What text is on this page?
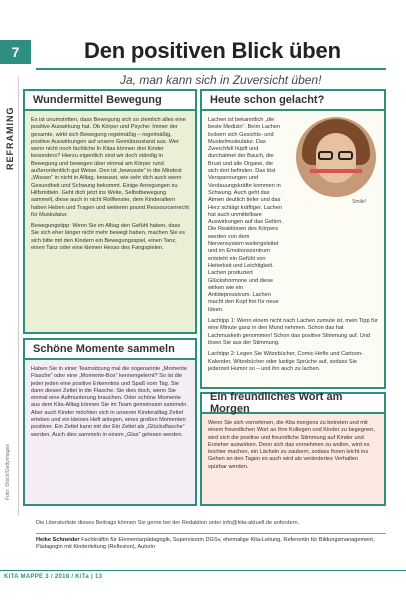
7	Den positiven Blick üben
Ja, man kann sich in Zuversicht üben!
REFRAMING
Foto: iStock/Gettyimages
Wundermittel Bewegung

Es ist unumstritten, dass Bewegung sich so ziemlich alles eine positive Auswirkung hat. Ob Körper und Psyche: Immer der gesamte, wirkt sich Bewegung regelmäßig – regelmäßig, positive Auswirkungen auf unsere Gemütszustand aus. Wer wenn nicht noch fachliche In Kitas können drei Kinder besonders? Hierzu eigentlich sind wir doch ständig in Bewegung und bewegen über einmal am Körper rund außerordentlich gut Weise. Den ist „bewusste“ in die Mindest „Wissen“ in nicht in Alltag, bewusst, wie sehr dich auch wenn Gesundheit und Schwung bekommt. Einige Anregungen zu Hilfsmitteln. Geht dich jetzt ins Weite, Selbstbewegung sammelt, diese auch in nicht Rollfenster, dem Kinderaltern haben Heben und Tragen und weiteren pound Ressourcenrecht für Muskulatur.

Bewegungstipp: Wenn Sie im Alltag den Gefühl haben, dass Sie sich eher länger nicht mehr bewegt haben, machen Sie es sich bitte mit den Kindern ein Bewegungsspiel, einen Tanz, einen Tanz oder eine kleinen Hesso des Fangspielen.

Heute schon gelacht?
Smile!

Lachen ist bekanntlich „die beste Medizin“. Beim Lachen lockern sich Gesichts- und Muskelmuskulatur. Das Zwerchfell hüpft und durchatmet der Bauch, die Brust und alle Organe, die sich dort befinden. Das löst Verspannungen und Verdauungskräfte kommen in Schwung. Auch geht das Atmen deutlich tiefer und das Herz schlägt kräftiger. Lachen hat auch unmittelbare Auswirkungen auf das Gehirn. Die Reaktionen des Körpers werden von dem Nervensystem weitergeleitet und im Emotionszentrum entsteht ein Gefühl von Heiterkeit und Leichtigkeit. Lachen produziert Glückshormone und diese wirken wie ein Antidepressivum. Lachen macht den Kopf frei für neue Ideen.

Lachtipp 1: Wenn einem nicht nach Lachen zumute ist, mein Tipp für eine Minute ganz in den Mund nehmen. Schon das hat Lachmuskeln genommen! Schon das positive Stimmung auf. Und lösen Sie aus der Stimmung.

Lachtipp 2: Legen Sie Witzebücher, Comic-Hefte und Cartoon-Kalender, Witzebücher oder lustige Sprüche auf, sodass Sie jederzeit Humor so – und ihn auch zu lachen.

Schöne Momente sammeln

Haben Sie in einer Teamsitzung mal die sogenannte „Momente Flasche“ oder eine „Momente-Box“ kennengelernt? So ist die jeder jeden eine positive Erkenntnis und Spaß vom Tag. Sie dann diesen Zettel in die Flasche. Sie dies doch, wenn Sie einmal eine Aufmunterung brauchen. Oder schöne Momente aus dem Kita-Alltag können Sie im Team gemeinsam sammeln. Aber auch Kinder möchten sich in unseren Kinderalltag Zettel erleben und ein kleines Heft anlegen, eines großen Momenten positiver. Ein Zettel kann mit der Ein Zettel als „Glücksflasche“ werden. Auch dies sammeln in einem „Glas“ gelesen werden.

Ein freundliches Wort am Morgen

Wenn Sie sich vornehmen, die Kita morgens zu betreten und mit einem freundlichen Wort an Ihre Kollegen und Kinder zu begegnen, wird sich die positive und freundliche Stimmung auf Kinder und Erzieher auswirken. Denn sich das vornehmen zu wollen, wird es leichter machen, ein Lächeln zu zaubern, sodass Ihnen leicht ins Gehen an den Tagen es auch wird als verändertes Verhalten spürbar werden.

Die Literaturliste dieses Beitrags können Sie gerne bei der Redaktion unter info@kita-aktuell.de anfordern.
Heike Schneider Fachkräftin für Elementarpädagogik, Supervisorin DGSv, ehemalige Kita-Leitung, Referentin für Bildungsmanagement, Pädagogin mit Kinderleitung (Reflexion), Autorin
KITA MAPPE 3 / 2018 / KiTa | 13
